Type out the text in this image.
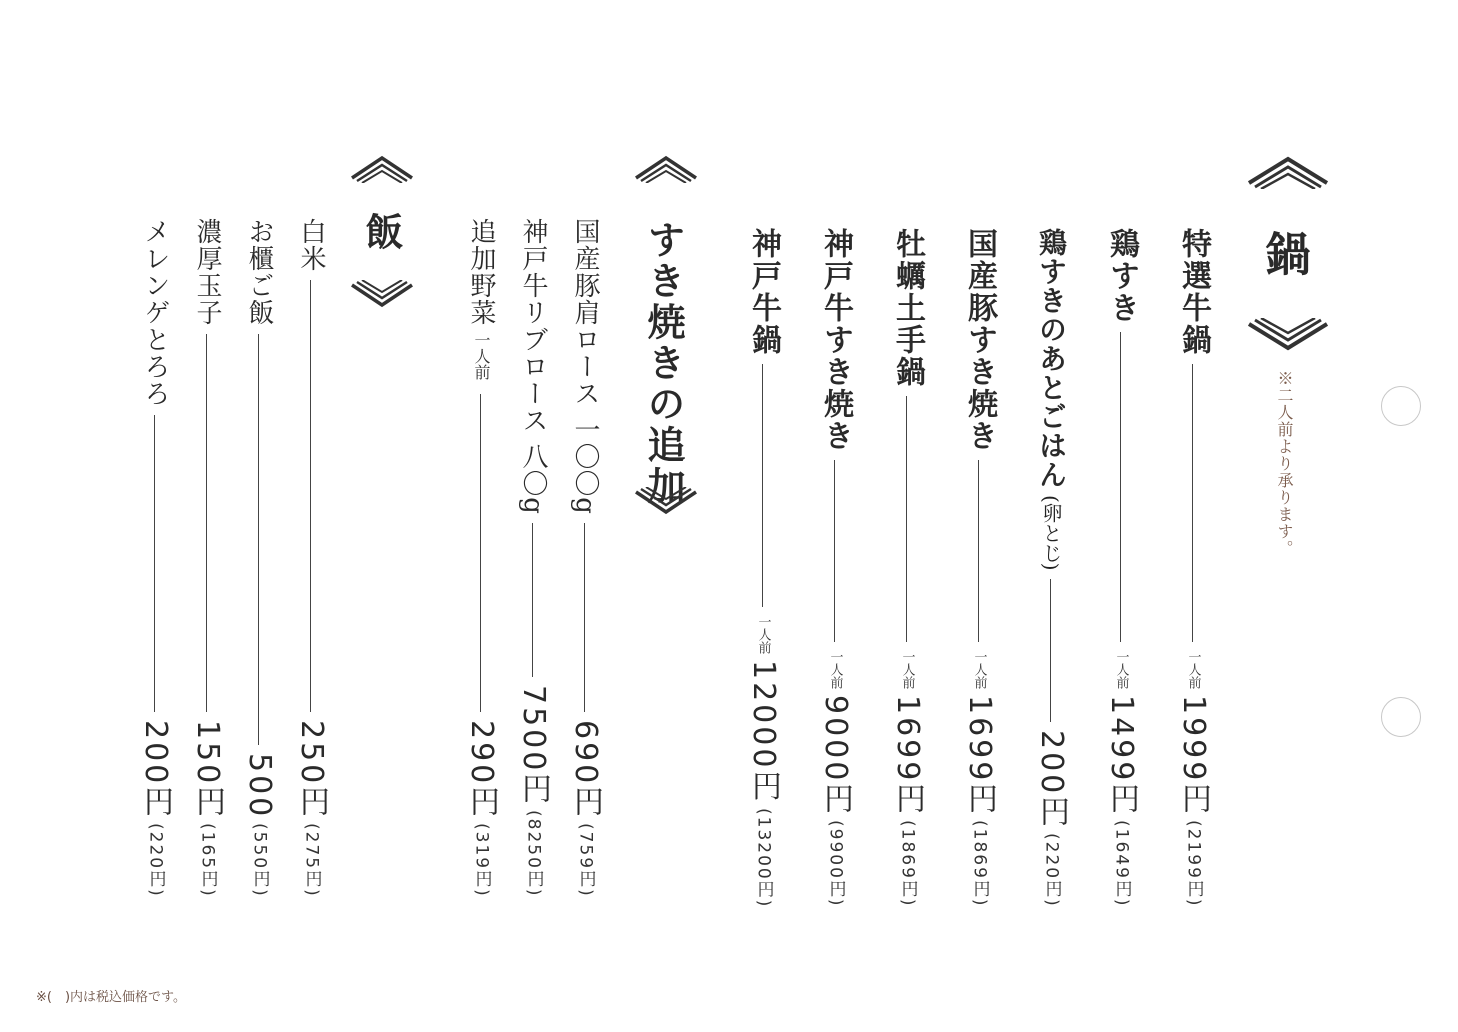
鍋
※二人前より承ります。
特選牛鍋
一人前
1999円
(2199円)
鶏すき
一人前
1499円
(1649円)
鶏すきのあとごはん
(卵とじ)
200円
(220円)
国産豚すき焼き
一人前
1699円
(1869円)
牡蠣土手鍋
一人前
1699円
(1869円)
神戸牛すき焼き
一人前
9000円
(9900円)
神戸牛鍋
一人前
12000円
(13200円)
すき焼きの追加
国産豚肩ロース 一〇〇g
690円
(759円)
神戸牛リブロース 八〇g
7500円
(8250円)
追加野菜
一人前
290円
(319円)
飯
白米
250円
(275円)
お櫃ご飯
500
(550円)
濃厚玉子
150円
(165円)
メレンゲとろろ
200円
(220円)
※(　)内は税込価格です。
